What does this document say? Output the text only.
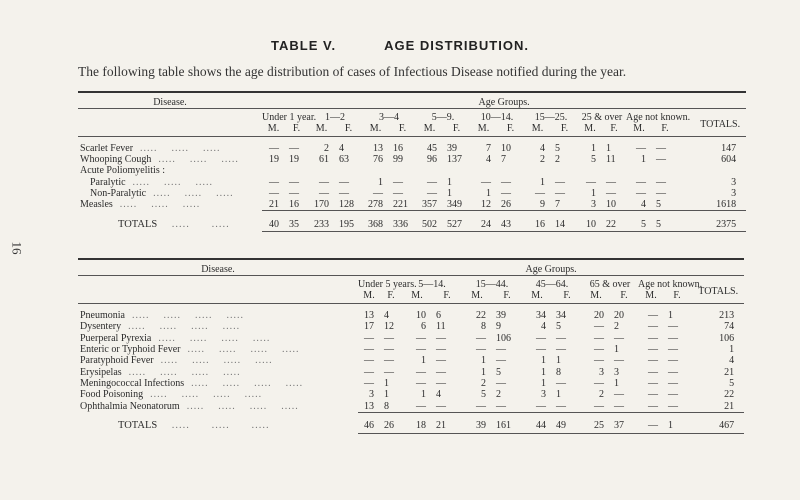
16
TABLE V.	AGE DISTRIBUTION.
The following table shows the age distribution of cases of Infectious Disease notified during the year.
Disease.	Age Groups.																
	Under 1 year.		1—2		3—4		5—9.		10—14.		15—25.		25 & over		Age not known.		TOTALS.
	M.	F.	M.	F.	M.	F.	M.	F.	M.	F.	M.	F.	M.	F.	M.	F.	
Scarlet Fever  .....    .....    .....	—	—	2	4	13	16	45	39	7	10	4	5	1	1	—	—	147
Whooping Cough  .....    .....    .....	19	19	61	63	76	99	96	137	4	7	2	2	5	11	1	—	604
Acute Poliomyelitis :																	
Paralytic  .....    .....    .....	—	—	—	—	1	—	—	1	—	—	1	—	—	—	—	—	3
Non-Paralytic  .....    .....    .....	—	—	—	—	—	—	—	1	1	—	—	—	1	—	—	—	3
Measles  .....    .....    .....	21	16	170	128	278	221	357	349	12	26	9	7	3	10	4	5	1618
TOTALS    .....      .....	40	35	233	195	368	336	502	527	24	43	16	14	10	22	5	5	2375
Disease.	Age Groups.												
	Under 5 years.		5—14.		15—44.		45—64.		65 & over		Age not known.		TOTALS.
	M.	F.	M.	F.	M.	F.	M.	F.	M.	F.	M.	F.	
Pneumonia  .....    .....    .....    .....	13	4	10	6	22	39	34	34	20	20	—	1	213
Dysentery  .....    .....    .....    .....	17	12	6	11	8	9	4	5	—	2	—	—	74
Puerperal Pyrexia  .....    .....    .....    .....	—	—	—	—	—	106	—	—	—	—	—	—	106
Enteric or Typhoid Fever  .....    .....    .....    .....	—	—	—	—	—	—	—	—	—	1	—	—	1
Paratyphoid Fever  .....    .....    .....    .....	—	—	1	—	1	—	1	1	—	—	—	—	4
Erysipelas  .....    .....    .....    .....	—	—	—	—	1	5	1	8	3	3	—	—	21
Meningococcal Infections  .....    .....    .....    .....	—	1	—	—	2	—	1	—	—	1	—	—	5
Food Poisoning  .....    .....    .....    .....	3	1	1	4	5	2	3	1	2	—	—	—	22
Ophthalmia Neonatorum  .....    .....    .....    .....	13	8	—	—	—	—	—	—	—	—	—	—	21
TOTALS    .....      .....      .....	46	26	18	21	39	161	44	49	25	37	—	1	467
